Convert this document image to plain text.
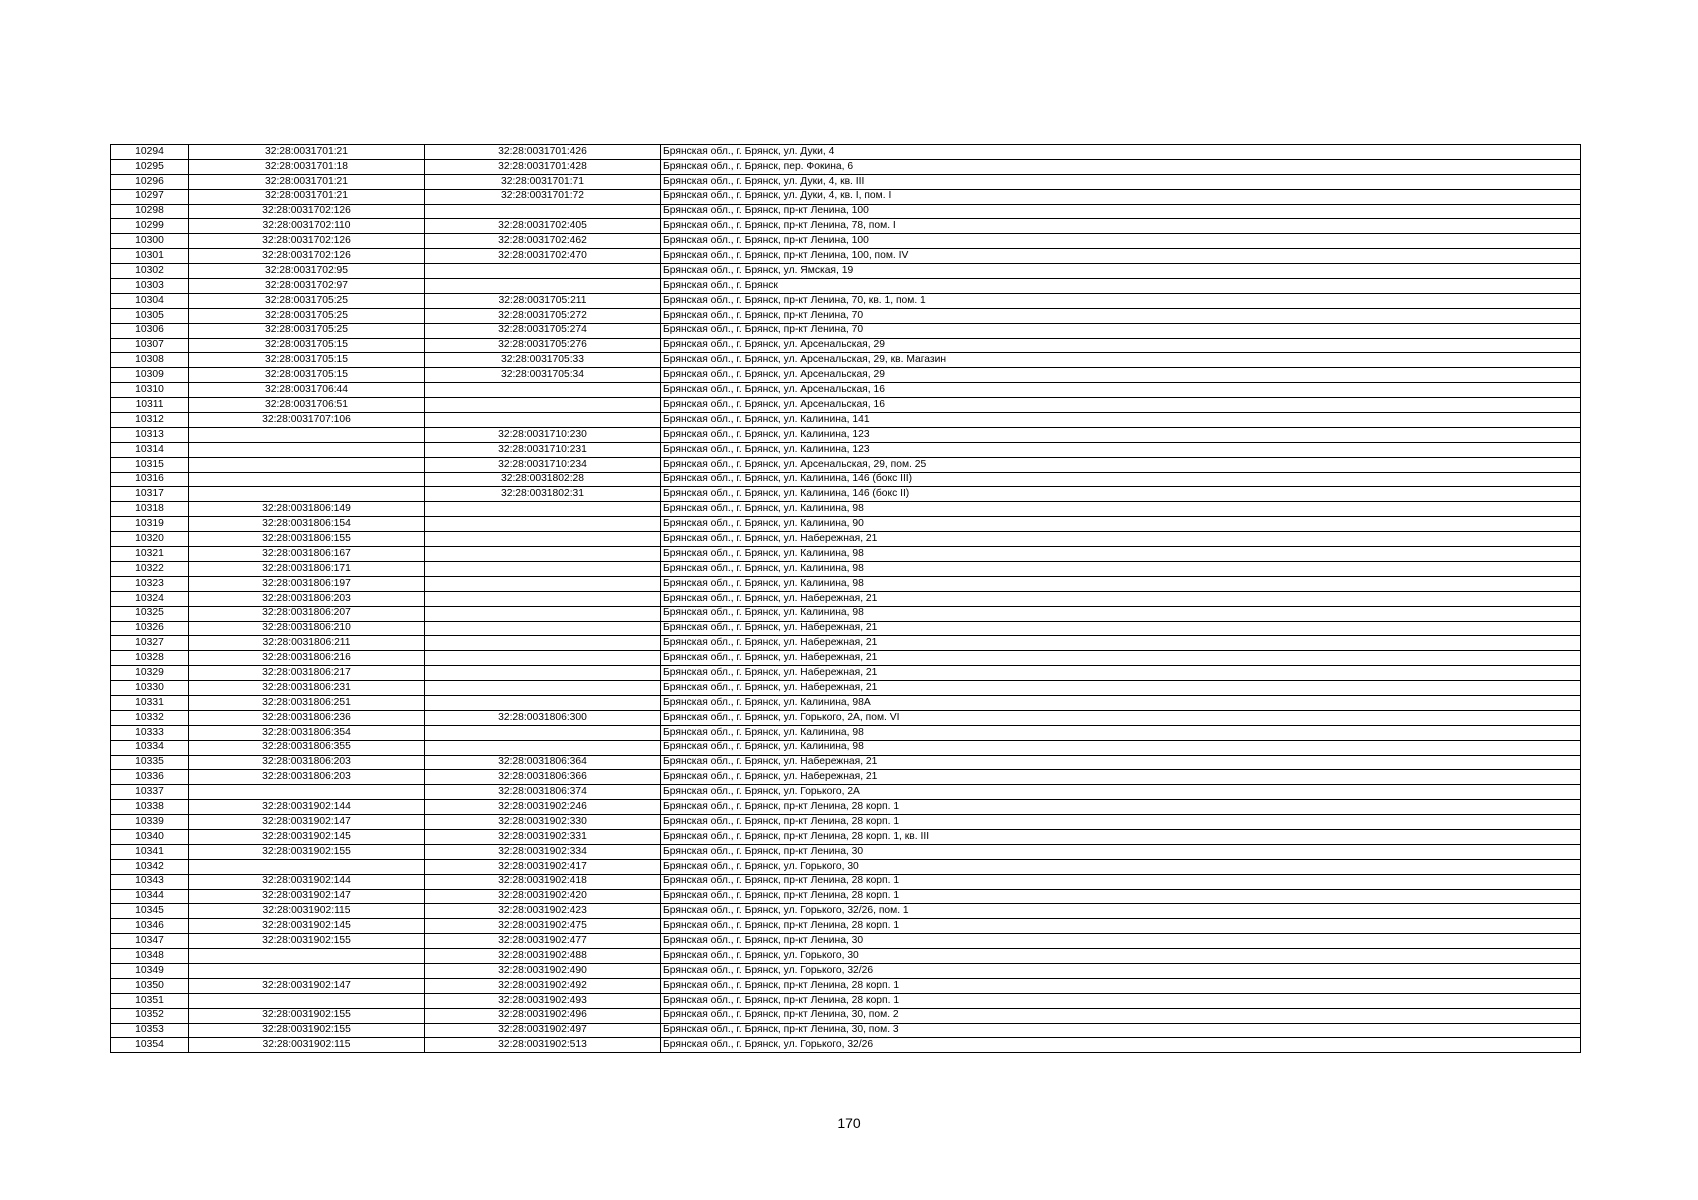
10294	32:28:0031701:21	32:28:0031701:426	Брянская обл., г. Брянск, ул. Дуки, 4
10295	32:28:0031701:18	32:28:0031701:428	Брянская обл., г. Брянск, пер. Фокина, 6
10296	32:28:0031701:21	32:28:0031701:71	Брянская обл., г. Брянск, ул. Дуки, 4, кв. III
10297	32:28:0031701:21	32:28:0031701:72	Брянская обл., г. Брянск, ул. Дуки, 4, кв. I, пом. I
10298	32:28:0031702:126		Брянская обл., г. Брянск, пр-кт Ленина, 100
10299	32:28:0031702:110	32:28:0031702:405	Брянская обл., г. Брянск, пр-кт Ленина, 78, пом. I
10300	32:28:0031702:126	32:28:0031702:462	Брянская обл., г. Брянск, пр-кт Ленина, 100
10301	32:28:0031702:126	32:28:0031702:470	Брянская обл., г. Брянск, пр-кт Ленина, 100, пом. IV
10302	32:28:0031702:95		Брянская обл., г. Брянск, ул. Ямская, 19
10303	32:28:0031702:97		Брянская обл., г. Брянск
10304	32:28:0031705:25	32:28:0031705:211	Брянская обл., г. Брянск, пр-кт Ленина, 70, кв. 1, пом. 1
10305	32:28:0031705:25	32:28:0031705:272	Брянская обл., г. Брянск, пр-кт Ленина, 70
10306	32:28:0031705:25	32:28:0031705:274	Брянская обл., г. Брянск, пр-кт Ленина, 70
10307	32:28:0031705:15	32:28:0031705:276	Брянская обл., г. Брянск, ул. Арсенальская, 29
10308	32:28:0031705:15	32:28:0031705:33	Брянская обл., г. Брянск, ул. Арсенальская, 29, кв. Магазин
10309	32:28:0031705:15	32:28:0031705:34	Брянская обл., г. Брянск, ул. Арсенальская, 29
10310	32:28:0031706:44		Брянская обл., г. Брянск, ул. Арсенальская, 16
10311	32:28:0031706:51		Брянская обл., г. Брянск, ул. Арсенальская, 16
10312	32:28:0031707:106		Брянская обл., г. Брянск, ул. Калинина, 141
10313		32:28:0031710:230	Брянская обл., г. Брянск, ул. Калинина, 123
10314		32:28:0031710:231	Брянская обл., г. Брянск, ул. Калинина, 123
10315		32:28:0031710:234	Брянская обл., г. Брянск, ул. Арсенальская, 29, пом. 25
10316		32:28:0031802:28	Брянская обл., г. Брянск, ул. Калинина, 146 (бокс III)
10317		32:28:0031802:31	Брянская обл., г. Брянск, ул. Калинина, 146 (бокс II)
10318	32:28:0031806:149		Брянская обл., г. Брянск, ул. Калинина, 98
10319	32:28:0031806:154		Брянская обл., г. Брянск, ул. Калинина, 90
10320	32:28:0031806:155		Брянская обл., г. Брянск, ул. Набережная, 21
10321	32:28:0031806:167		Брянская обл., г. Брянск, ул. Калинина, 98
10322	32:28:0031806:171		Брянская обл., г. Брянск, ул. Калинина, 98
10323	32:28:0031806:197		Брянская обл., г. Брянск, ул. Калинина, 98
10324	32:28:0031806:203		Брянская обл., г. Брянск, ул. Набережная, 21
10325	32:28:0031806:207		Брянская обл., г. Брянск, ул. Калинина, 98
10326	32:28:0031806:210		Брянская обл., г. Брянск, ул. Набережная, 21
10327	32:28:0031806:211		Брянская обл., г. Брянск, ул. Набережная, 21
10328	32:28:0031806:216		Брянская обл., г. Брянск, ул. Набережная, 21
10329	32:28:0031806:217		Брянская обл., г. Брянск, ул. Набережная, 21
10330	32:28:0031806:231		Брянская обл., г. Брянск, ул. Набережная, 21
10331	32:28:0031806:251		Брянская обл., г. Брянск, ул. Калинина, 98А
10332	32:28:0031806:236	32:28:0031806:300	Брянская обл., г. Брянск, ул. Горького, 2А, пом. VI
10333	32:28:0031806:354		Брянская обл., г. Брянск, ул. Калинина, 98
10334	32:28:0031806:355		Брянская обл., г. Брянск, ул. Калинина, 98
10335	32:28:0031806:203	32:28:0031806:364	Брянская обл., г. Брянск, ул. Набережная, 21
10336	32:28:0031806:203	32:28:0031806:366	Брянская обл., г. Брянск, ул. Набережная, 21
10337		32:28:0031806:374	Брянская обл., г. Брянск, ул. Горького, 2А
10338	32:28:0031902:144	32:28:0031902:246	Брянская обл., г. Брянск, пр-кт Ленина, 28 корп. 1
10339	32:28:0031902:147	32:28:0031902:330	Брянская обл., г. Брянск, пр-кт Ленина, 28 корп. 1
10340	32:28:0031902:145	32:28:0031902:331	Брянская обл., г. Брянск, пр-кт Ленина, 28 корп. 1, кв. III
10341	32:28:0031902:155	32:28:0031902:334	Брянская обл., г. Брянск, пр-кт Ленина, 30
10342		32:28:0031902:417	Брянская обл., г. Брянск, ул. Горького, 30
10343	32:28:0031902:144	32:28:0031902:418	Брянская обл., г. Брянск, пр-кт Ленина, 28 корп. 1
10344	32:28:0031902:147	32:28:0031902:420	Брянская обл., г. Брянск, пр-кт Ленина, 28 корп. 1
10345	32:28:0031902:115	32:28:0031902:423	Брянская обл., г. Брянск, ул. Горького, 32/26, пом. 1
10346	32:28:0031902:145	32:28:0031902:475	Брянская обл., г. Брянск, пр-кт Ленина, 28 корп. 1
10347	32:28:0031902:155	32:28:0031902:477	Брянская обл., г. Брянск, пр-кт Ленина, 30
10348		32:28:0031902:488	Брянская обл., г. Брянск, ул. Горького, 30
10349		32:28:0031902:490	Брянская обл., г. Брянск, ул. Горького, 32/26
10350	32:28:0031902:147	32:28:0031902:492	Брянская обл., г. Брянск, пр-кт Ленина, 28 корп. 1
10351		32:28:0031902:493	Брянская обл., г. Брянск, пр-кт Ленина, 28 корп. 1
10352	32:28:0031902:155	32:28:0031902:496	Брянская обл., г. Брянск, пр-кт Ленина, 30, пом. 2
10353	32:28:0031902:155	32:28:0031902:497	Брянская обл., г. Брянск, пр-кт Ленина, 30, пом. 3
10354	32:28:0031902:115	32:28:0031902:513	Брянская обл., г. Брянск, ул. Горького, 32/26
170
